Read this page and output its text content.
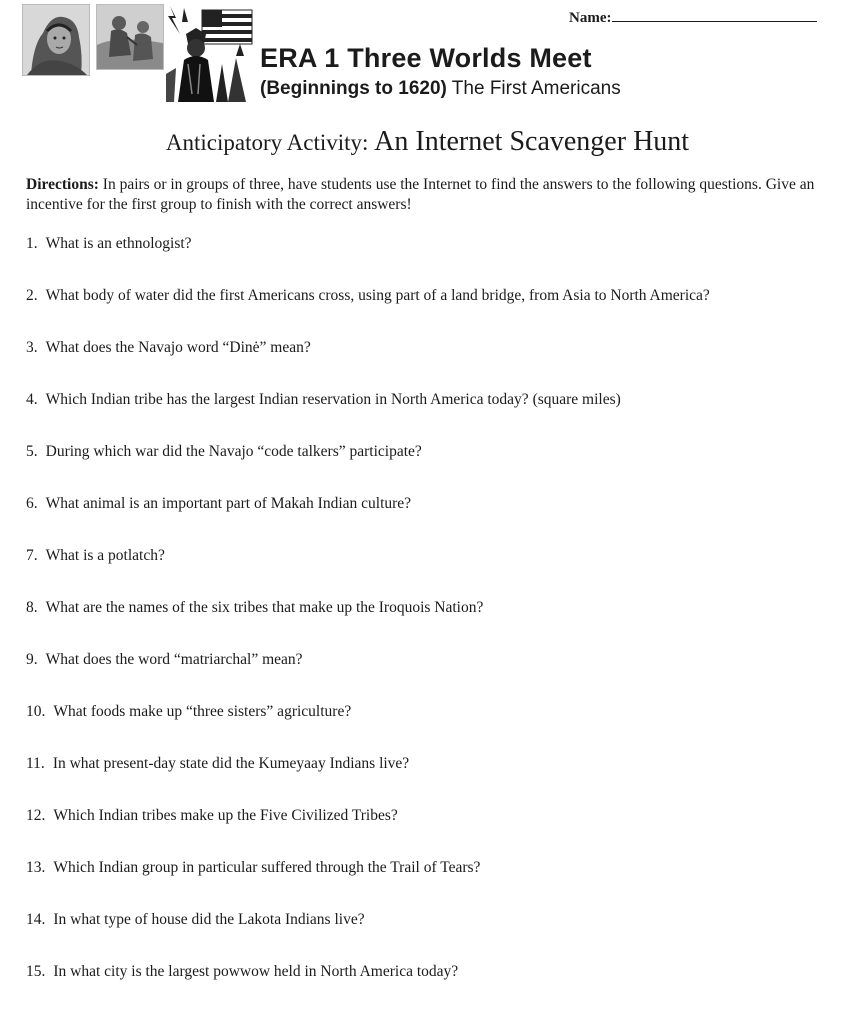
Name:
ERA 1 Three Worlds Meet
(Beginnings to 1620) The First Americans
Anticipatory Activity: An Internet Scavenger Hunt
Directions: In pairs or in groups of three, have students use the Internet to find the answers to the following questions. Give an incentive for the first group to finish with the correct answers!
1. What is an ethnologist?
2. What body of water did the first Americans cross, using part of a land bridge, from Asia to North America?
3. What does the Navajo word “Dinė” mean?
4. Which Indian tribe has the largest Indian reservation in North America today? (square miles)
5. During which war did the Navajo “code talkers” participate?
6. What animal is an important part of Makah Indian culture?
7. What is a potlatch?
8. What are the names of the six tribes that make up the Iroquois Nation?
9. What does the word “matriarchal” mean?
10. What foods make up “three sisters” agriculture?
11. In what present-day state did the Kumeyaay Indians live?
12. Which Indian tribes make up the Five Civilized Tribes?
13. Which Indian group in particular suffered through the Trail of Tears?
14. In what type of house did the Lakota Indians live?
15. In what city is the largest powwow held in North America today?
